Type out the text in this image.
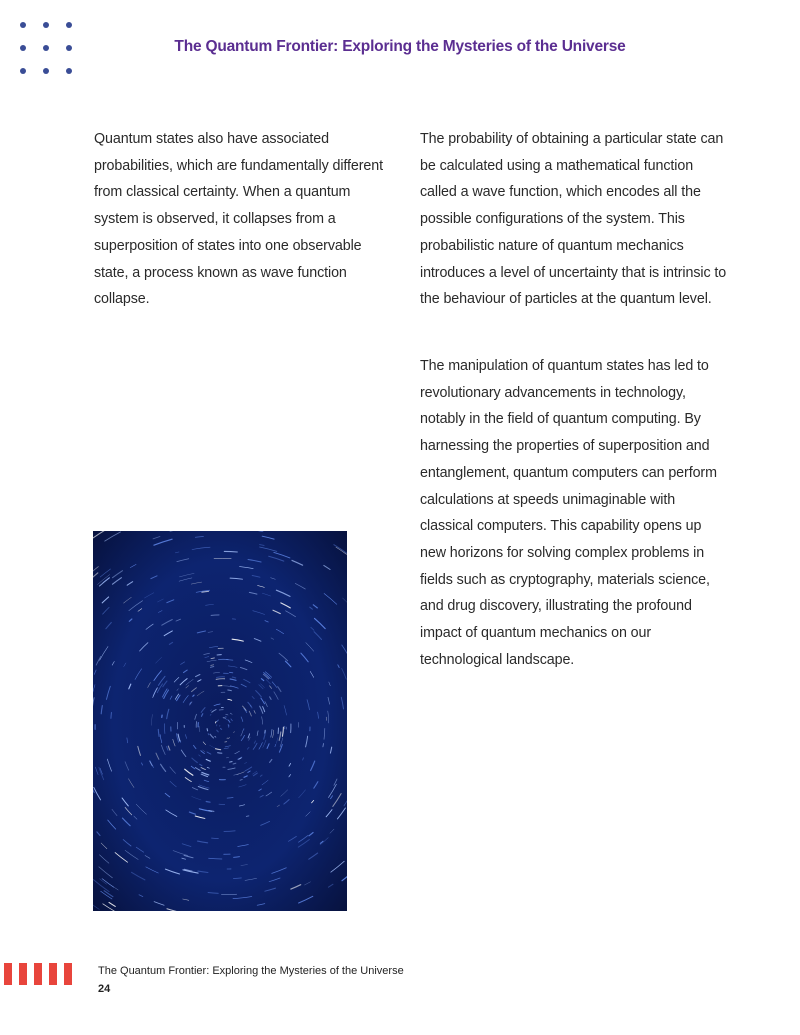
The Quantum Frontier: Exploring the Mysteries of the Universe

Quantum states also have associated probabilities, which are fundamentally different from classical certainty. When a quantum system is observed, it collapses from a superposition of states into one observable state, a process known as wave function collapse.

The probability of obtaining a particular state can be calculated using a mathematical function called a wave function, which encodes all the possible configurations of the system. This probabilistic nature of quantum mechanics introduces a level of uncertainty that is intrinsic to the behaviour of particles at the quantum level.

The manipulation of quantum states has led to revolutionary advancements in technology, notably in the field of quantum computing. By harnessing the properties of superposition and entanglement, quantum computers can perform calculations at speeds unimaginable with classical computers. This capability opens up new horizons for solving complex problems in fields such as cryptography, materials science, and drug discovery, illustrating the profound impact of quantum mechanics on our technological landscape.

The Quantum Frontier: Exploring the Mysteries of the Universe
24
